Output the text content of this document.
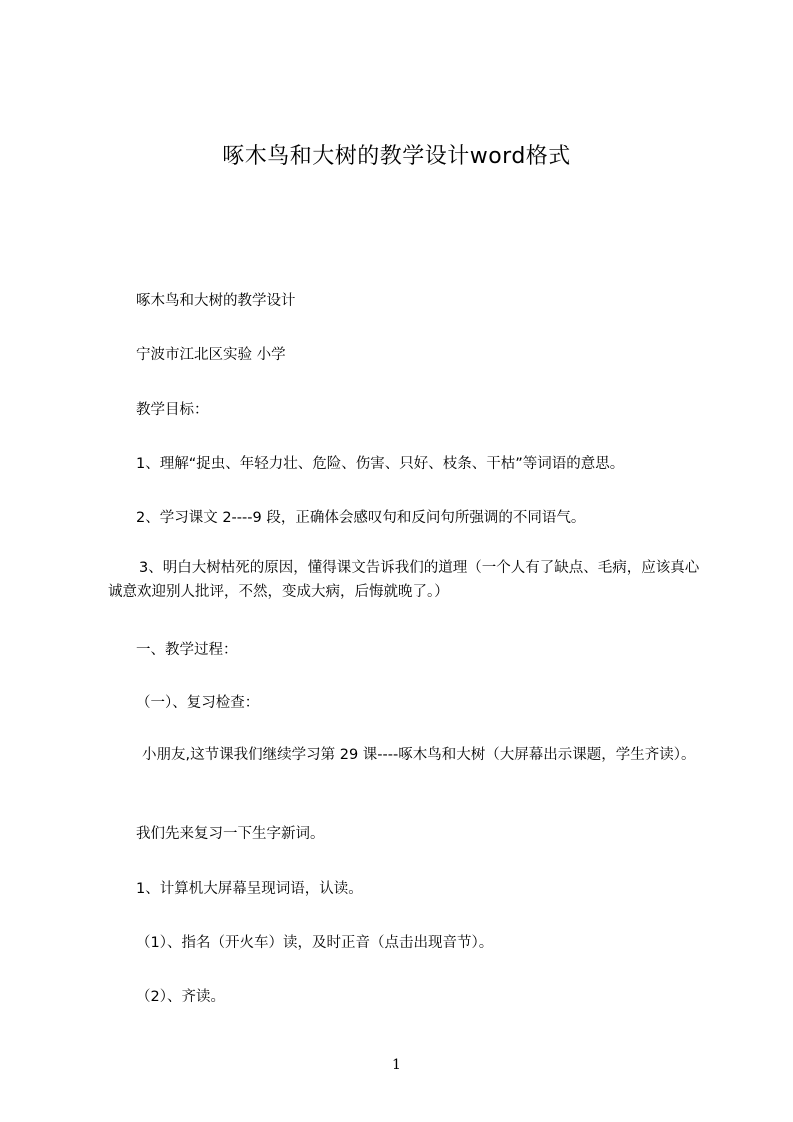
啄木鸟和大树的教学设计word格式

啄木鸟和大树的教学设计

宁波市江北区实验 小学

教学目标：

1、理解“捉虫、年轻力壮、危险、伤害、只好、枝条、干枯”等词语的意思。

2、学习课文 2----9 段，正确体会感叹句和反问句所强调的不同语气。

3、明白大树枯死的原因，懂得课文告诉我们的道理（一个人有了缺点、毛病，应该真心诚意欢迎别人批评，不然，变成大病，后悔就晚了。）

一、教学过程：

（一）、复习检查：

小朋友,这节课我们继续学习第 29 课----啄木鸟和大树（大屏幕出示课题，学生齐读）。

我们先来复习一下生字新词。

1、计算机大屏幕呈现词语，认读。

（1）、指名（开火车）读，及时正音（点击出现音节）。

（2）、齐读。

1
